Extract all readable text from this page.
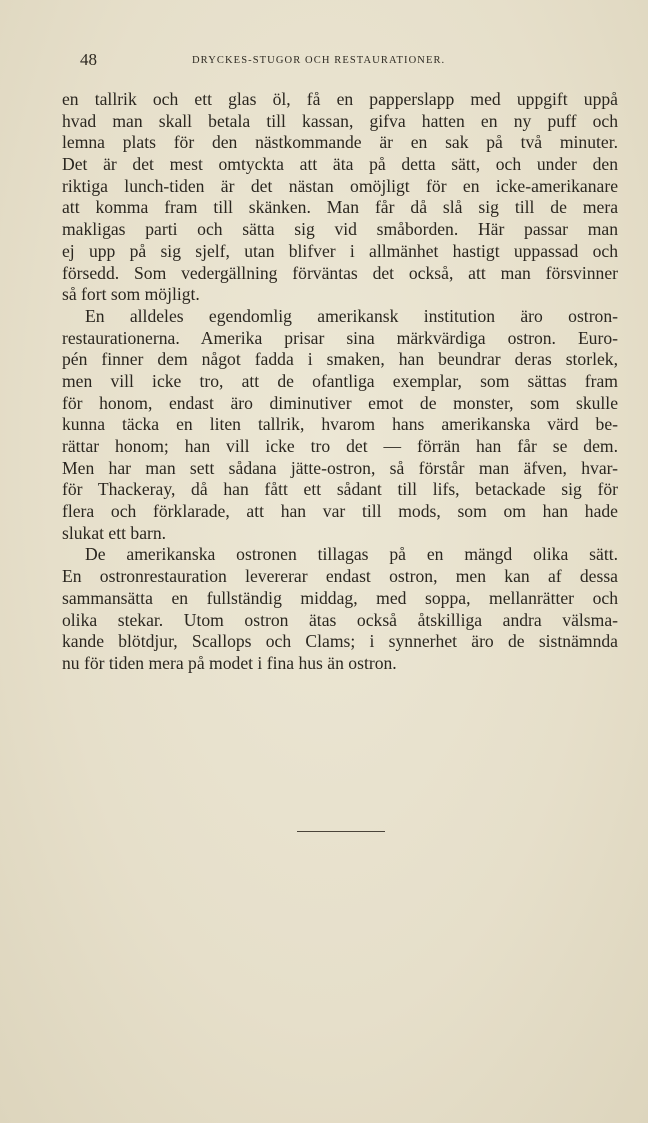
48	DRYCKES-STUGOR OCH RESTAURATIONER.
en tallrik och ett glas öl, få en papperslapp med uppgift uppå
hvad man skall betala till kassan, gifva hatten en ny puff och
lemna plats för den nästkommande är en sak på två minuter.
Det är det mest omtyckta att äta på detta sätt, och under den
riktiga lunch-tiden är det nästan omöjligt för en icke-amerikanare
att komma fram till skänken. Man får då slå sig till de mera
makligas parti och sätta sig vid småborden. Här passar man
ej upp på sig sjelf, utan blifver i allmänhet hastigt uppassad och
försedd. Som vedergällning förväntas det också, att man försvinner
så fort som möjligt.
En alldeles egendomlig amerikansk institution äro ostron-
restaurationerna. Amerika prisar sina märkvärdiga ostron. Euro-
pén finner dem något fadda i smaken, han beundrar deras storlek,
men vill icke tro, att de ofantliga exemplar, som sättas fram
för honom, endast äro diminutiver emot de monster, som skulle
kunna täcka en liten tallrik, hvarom hans amerikanska värd be-
rättar honom; han vill icke tro det — förrän han får se dem.
Men har man sett sådana jätte-ostron, så förstår man äfven, hvar-
för Thackeray, då han fått ett sådant till lifs, betackade sig för
flera och förklarade, att han var till mods, som om han hade
slukat ett barn.
De amerikanska ostronen tillagas på en mängd olika sätt.
En ostronrestauration levererar endast ostron, men kan af dessa
sammansätta en fullständig middag, med soppa, mellanrätter och
olika stekar. Utom ostron ätas också åtskilliga andra välsma-
kande blötdjur, Scallops och Clams; i synnerhet äro de sistnämnda
nu för tiden mera på modet i fina hus än ostron.
